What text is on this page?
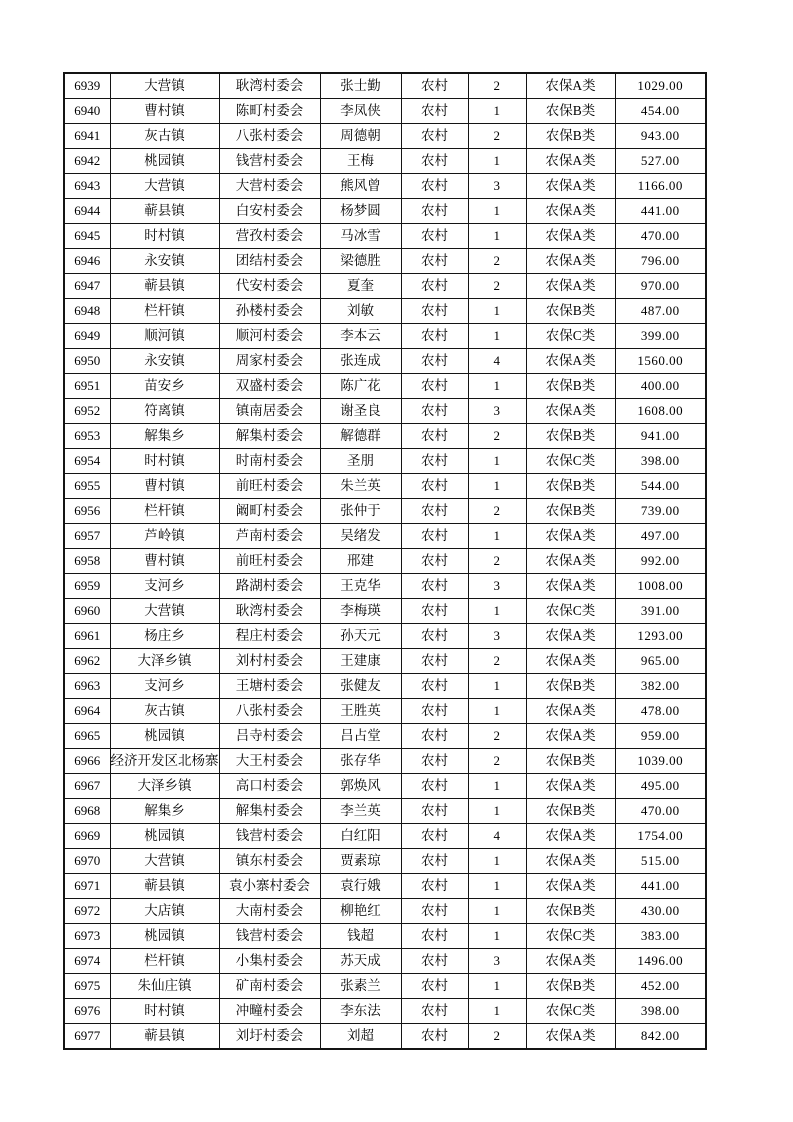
6939	大营镇	耿湾村委会	张士勤	农村	2	农保A类	1029.00
6940	曹村镇	陈町村委会	李凤侠	农村	1	农保B类	454.00
6941	灰古镇	八张村委会	周德朝	农村	2	农保B类	943.00
6942	桃园镇	钱营村委会	王梅	农村	1	农保A类	527.00
6943	大营镇	大营村委会	熊风曾	农村	3	农保A类	1166.00
6944	蕲县镇	白安村委会	杨梦圆	农村	1	农保A类	441.00
6945	时村镇	营孜村委会	马冰雪	农村	1	农保A类	470.00
6946	永安镇	团结村委会	梁德胜	农村	2	农保A类	796.00
6947	蕲县镇	代安村委会	夏奎	农村	2	农保A类	970.00
6948	栏杆镇	孙楼村委会	刘敏	农村	1	农保B类	487.00
6949	顺河镇	顺河村委会	李本云	农村	1	农保C类	399.00
6950	永安镇	周家村委会	张连成	农村	4	农保A类	1560.00
6951	苗安乡	双盛村委会	陈广花	农村	1	农保B类	400.00
6952	符离镇	镇南居委会	谢圣良	农村	3	农保A类	1608.00
6953	解集乡	解集村委会	解德群	农村	2	农保B类	941.00
6954	时村镇	时南村委会	圣朋	农村	1	农保C类	398.00
6955	曹村镇	前旺村委会	朱兰英	农村	1	农保B类	544.00
6956	栏杆镇	阚町村委会	张仲于	农村	2	农保B类	739.00
6957	芦岭镇	芦南村委会	吴绪发	农村	1	农保A类	497.00
6958	曹村镇	前旺村委会	邢建	农村	2	农保A类	992.00
6959	支河乡	路湖村委会	王克华	农村	3	农保A类	1008.00
6960	大营镇	耿湾村委会	李梅瑛	农村	1	农保C类	391.00
6961	杨庄乡	程庄村委会	孙天元	农村	3	农保A类	1293.00
6962	大泽乡镇	刘村村委会	王建康	农村	2	农保A类	965.00
6963	支河乡	王塘村委会	张健友	农村	1	农保B类	382.00
6964	灰古镇	八张村委会	王胜英	农村	1	农保A类	478.00
6965	桃园镇	吕寺村委会	吕占堂	农村	2	农保A类	959.00
6966	经济开发区北杨寨	大王村委会	张存华	农村	2	农保B类	1039.00
6967	大泽乡镇	高口村委会	郭焕风	农村	1	农保A类	495.00
6968	解集乡	解集村委会	李兰英	农村	1	农保B类	470.00
6969	桃园镇	钱营村委会	白红阳	农村	4	农保A类	1754.00
6970	大营镇	镇东村委会	贾素琼	农村	1	农保A类	515.00
6971	蕲县镇	袁小寨村委会	袁行娥	农村	1	农保A类	441.00
6972	大店镇	大南村委会	柳艳红	农村	1	农保B类	430.00
6973	桃园镇	钱营村委会	钱超	农村	1	农保C类	383.00
6974	栏杆镇	小集村委会	苏天成	农村	3	农保A类	1496.00
6975	朱仙庄镇	矿南村委会	张素兰	农村	1	农保B类	452.00
6976	时村镇	冲疃村委会	李东法	农村	1	农保C类	398.00
6977	蕲县镇	刘圩村委会	刘超	农村	2	农保A类	842.00
